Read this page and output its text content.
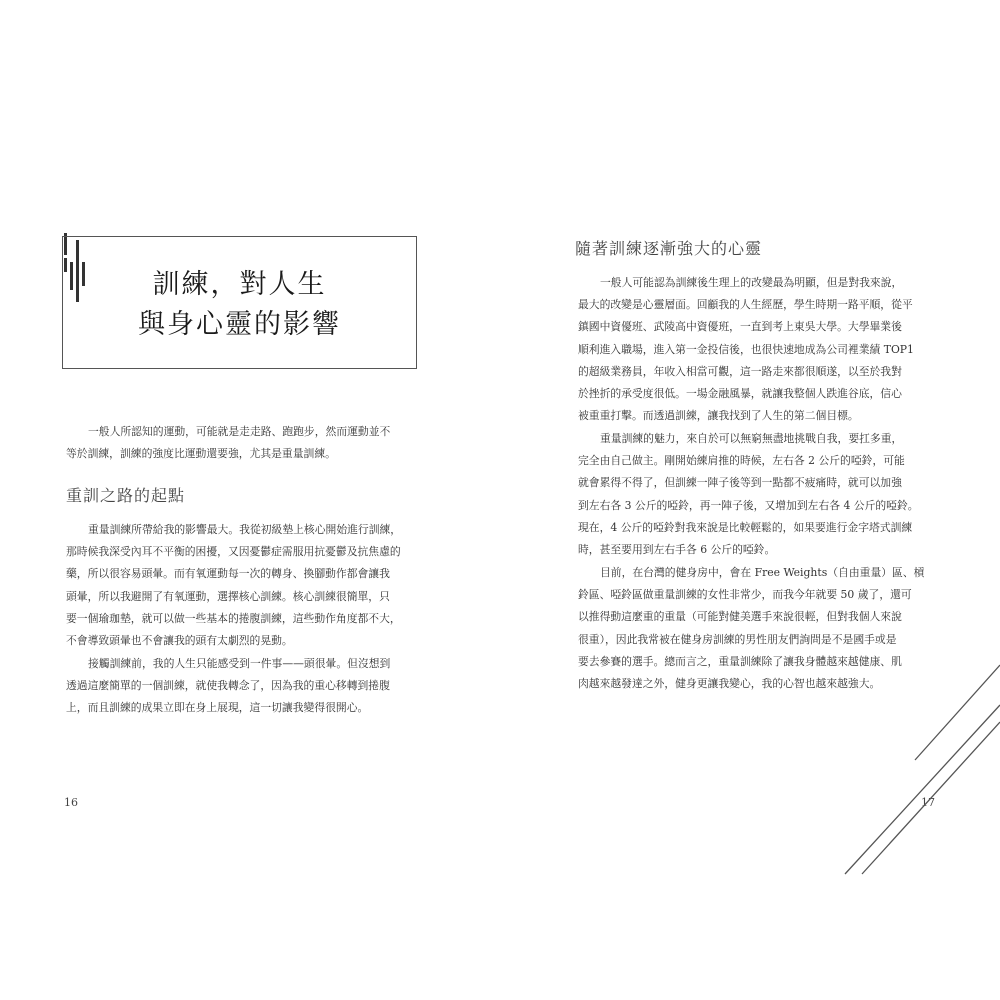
訓練，對人生
與身心靈的影響
一般人所認知的運動，可能就是走走路、跑跑步，然而運動並不
等於訓練，訓練的強度比運動還要強，尤其是重量訓練。
重訓之路的起點
重量訓練所帶給我的影響最大。我從初級墊上核心開始進行訓練，
那時候我深受內耳不平衡的困擾，又因憂鬱症需服用抗憂鬱及抗焦慮的
藥，所以很容易頭暈。而有氧運動每一次的轉身、換腳動作都會讓我
頭暈，所以我避開了有氧運動，選擇核心訓練。核心訓練很簡單，只
要一個瑜珈墊，就可以做一些基本的捲腹訓練，這些動作角度都不大，
不會導致頭暈也不會讓我的頭有太劇烈的晃動。
接觸訓練前，我的人生只能感受到一件事——頭很暈。但沒想到
透過這麼簡單的一個訓練，就使我轉念了，因為我的重心移轉到捲腹
上，而且訓練的成果立即在身上展現，這一切讓我變得很開心。
16
隨著訓練逐漸強大的心靈
一般人可能認為訓練後生理上的改變最為明顯，但是對我來說，
最大的改變是心靈層面。回顧我的人生經歷，學生時期一路平順，從平
鎮國中資優班、武陵高中資優班，一直到考上東吳大學。大學畢業後
順利進入職場，進入第一金投信後，也很快速地成為公司裡業績 TOP1
的超級業務員，年收入相當可觀，這一路走來都很順遂，以至於我對
於挫折的承受度很低。一場金融風暴，就讓我整個人跌進谷底，信心
被重重打擊。而透過訓練，讓我找到了人生的第二個目標。
重量訓練的魅力，來自於可以無窮無盡地挑戰自我，要扛多重，
完全由自己做主。剛開始練肩推的時候，左右各 2 公斤的啞鈴，可能
就會累得不得了，但訓練一陣子後等到一點都不疲痛時，就可以加強
到左右各 3 公斤的啞鈴，再一陣子後，又增加到左右各 4 公斤的啞鈴。
現在，4 公斤的啞鈴對我來說是比較輕鬆的，如果要進行金字塔式訓練
時，甚至要用到左右手各 6 公斤的啞鈴。
目前，在台灣的健身房中，會在 Free Weights（自由重量）區、槓
鈴區、啞鈴區做重量訓練的女性非常少，而我今年就要 50 歲了，還可
以推得動這麼重的重量（可能對健美選手來說很輕，但對我個人來說
很重），因此我常被在健身房訓練的男性朋友們詢問是不是國手或是
要去參賽的選手。總而言之，重量訓練除了讓我身體越來越健康、肌
肉越來越發達之外，健身更讓我變心，我的心智也越來越強大。
17
